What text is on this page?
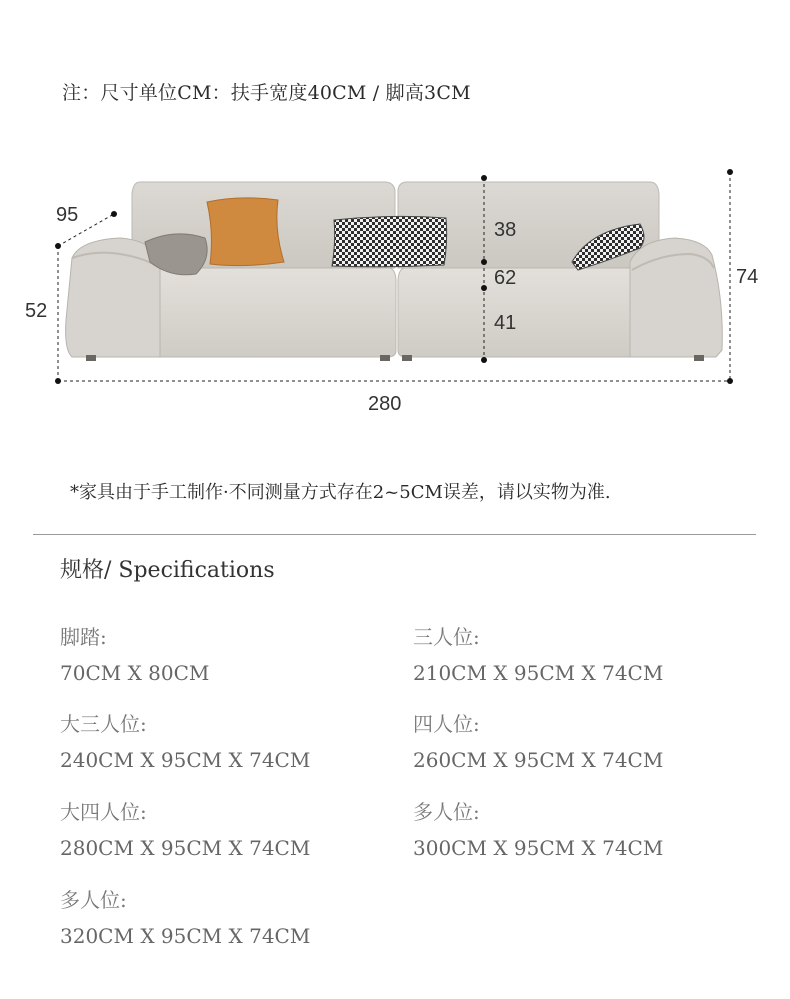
注：尺寸单位CM：扶手宽度40CM / 脚高3CM
95
52
38
62
41
74
280
*家具由于手工制作·不同测量方式存在2~5CM误差，请以实物为准.
规格/ Specifications
脚踏:
70CM X 80CM
三人位:
210CM X 95CM X 74CM
大三人位:
240CM X 95CM X 74CM
四人位:
260CM X 95CM X 74CM
大四人位:
280CM X 95CM X 74CM
多人位:
300CM X 95CM X 74CM
多人位:
320CM X 95CM X 74CM
